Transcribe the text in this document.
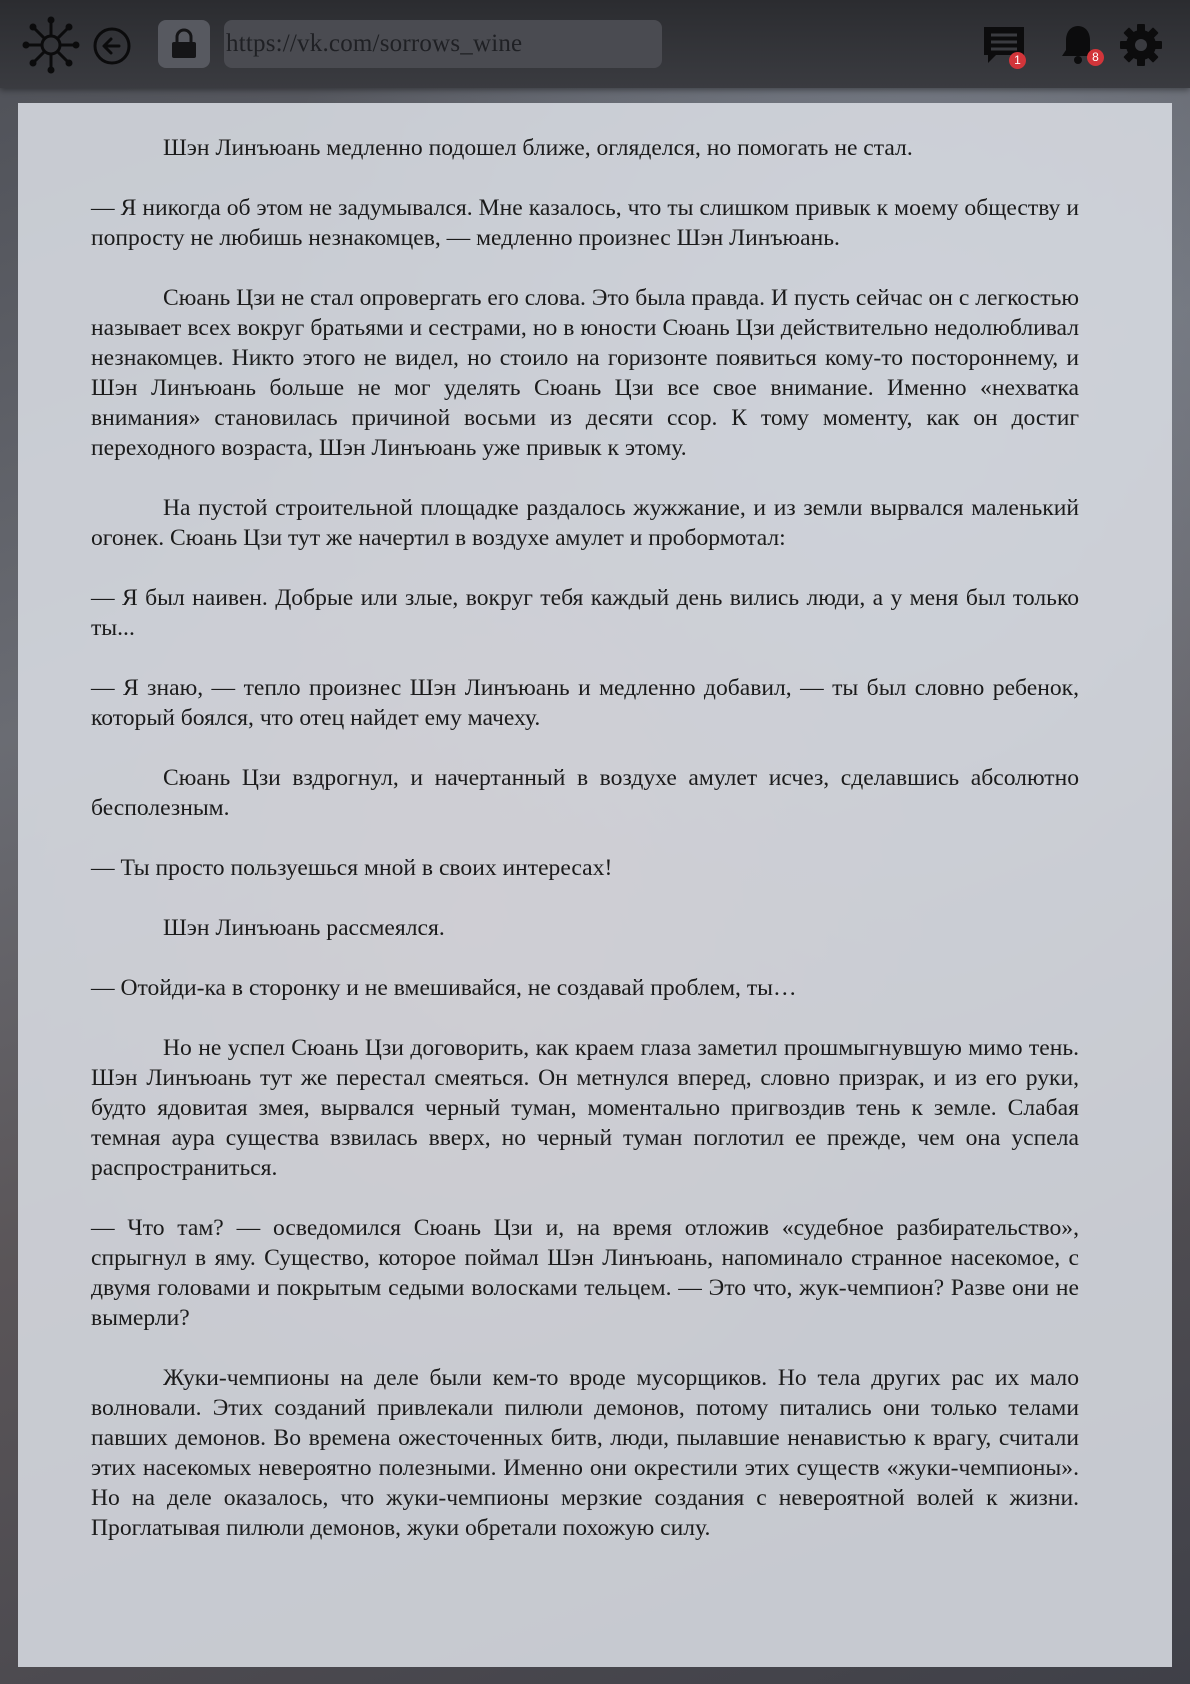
https://vk.com/sorrows_wine
1	8

Шэн Линъюань медленно подошел ближе, огляделся, но помогать не стал.

— Я никогда об этом не задумывался. Мне казалось, что ты слишком привык к моему обществу и попросту не любишь незнакомцев, — медленно произнес Шэн Линъюань.

Сюань Цзи не стал опровергать его слова. Это была правда. И пусть сейчас он с легкостью называет всех вокруг братьями и сестрами, но в юности Сюань Цзи действительно недолюбливал незнакомцев. Никто этого не видел, но стоило на горизонте появиться кому-то постороннему, и Шэн Линъюань больше не мог уделять Сюань Цзи все свое внимание. Именно «нехватка внимания» становилась причиной восьми из десяти ссор. К тому моменту, как он достиг переходного возраста, Шэн Линъюань уже привык к этому.

На пустой строительной площадке раздалось жужжание, и из земли вырвался маленький огонек. Сюань Цзи тут же начертил в воздухе амулет и пробормотал:

— Я был наивен. Добрые или злые, вокруг тебя каждый день вились люди, а у меня был только ты...

— Я знаю, — тепло произнес Шэн Линъюань и медленно добавил, — ты был словно ребенок, который боялся, что отец найдет ему мачеху.

Сюань Цзи вздрогнул, и начертанный в воздухе амулет исчез, сделавшись абсолютно бесполезным.

— Ты просто пользуешься мной в своих интересах!

Шэн Линъюань рассмеялся.

— Отойди-ка в сторонку и не вмешивайся, не создавай проблем, ты…

Но не успел Сюань Цзи договорить, как краем глаза заметил прошмыгнувшую мимо тень. Шэн Линъюань тут же перестал смеяться. Он метнулся вперед, словно призрак, и из его руки, будто ядовитая змея, вырвался черный туман, моментально пригвоздив тень к земле. Слабая темная аура существа взвилась вверх, но черный туман поглотил ее прежде, чем она успела распространиться.

— Что там? — осведомился Сюань Цзи и, на время отложив «судебное разбирательство», спрыгнул в яму. Существо, которое поймал Шэн Линъюань, напоминало странное насекомое, с двумя головами и покрытым седыми волосками тельцем. — Это что, жук-чемпион? Разве они не вымерли?

Жуки-чемпионы на деле были кем-то вроде мусорщиков. Но тела других рас их мало волновали. Этих созданий привлекали пилюли демонов, потому питались они только телами павших демонов. Во времена ожесточенных битв, люди, пылавшие ненавистью к врагу, считали этих насекомых невероятно полезными. Именно они окрестили этих существ «жуки-чемпионы». Но на деле оказалось, что жуки-чемпионы мерзкие создания с невероятной волей к жизни. Проглатывая пилюли демонов, жуки обретали похожую силу.
